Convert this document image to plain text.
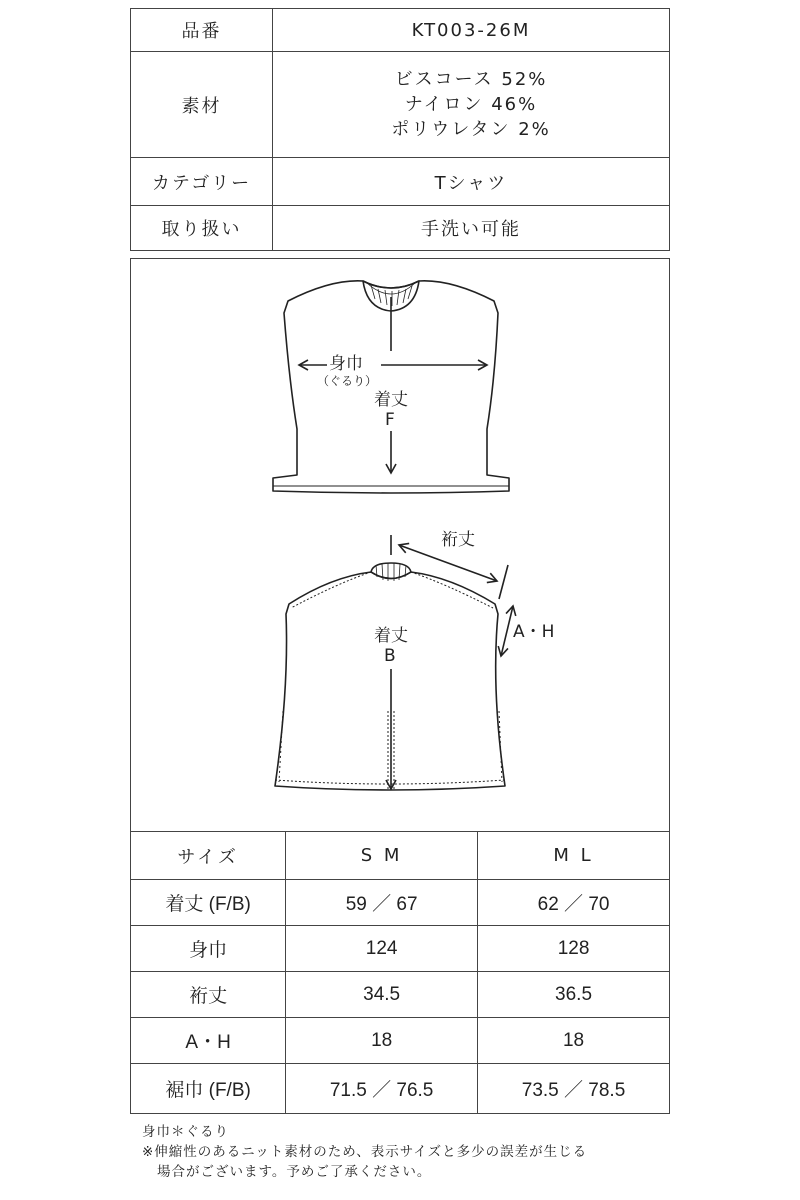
品番	KT003-26M
素材	ビスコース 52%
ナイロン 46%
ポリウレタン 2%

カテゴリー	Tシャツ
取り扱い	手洗い可能
身巾
（ぐるり）
着丈
F
裄丈
着丈
B
A・H
サイズ	S M	M L
着丈 (F/B)	59 ／ 67	62 ／ 70
身巾	124	128
裄丈	34.5	36.5
A・H	18	18
裾巾 (F/B)	71.5 ／ 76.5	73.5 ／ 78.5
身巾＊ぐるり
※伸縮性のあるニット素材のため、表示サイズと多少の誤差が生じる
場合がございます。予めご了承ください。
